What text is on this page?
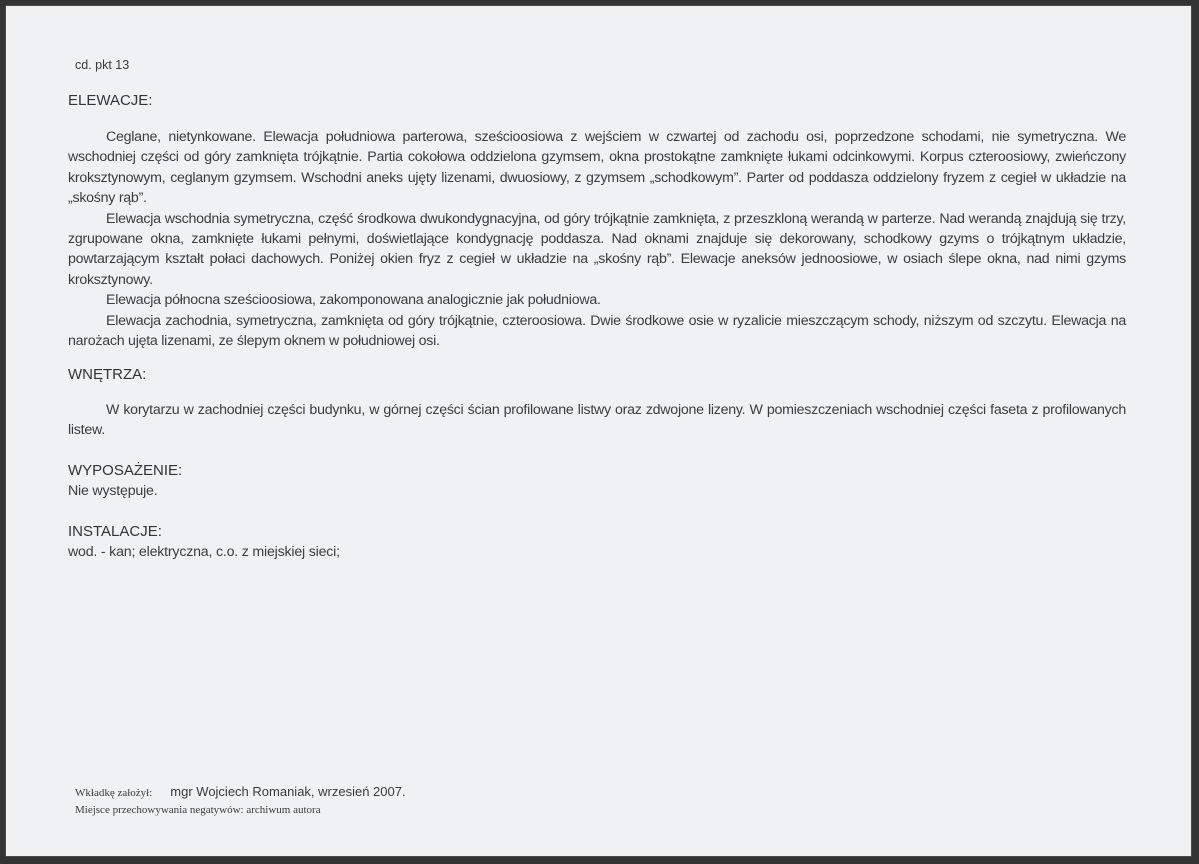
cd. pkt 13
ELEWACJE:
Ceglane, nietynkowane. Elewacja południowa parterowa, sześcioosiowa z wejściem w czwartej od zachodu osi, poprzedzone schodami, nie symetryczna. We wschodniej części od góry zamknięta trójkątnie. Partia cokołowa oddzielona gzymsem, okna prostokątne zamknięte łukami odcinkowymi. Korpus czteroosiowy, zwieńczony kroksztynowym, ceglanym gzymsem. Wschodni aneks ujęty lizenami, dwuosiowy, z gzymsem „schodkowym”. Parter od poddasza oddzielony fryzem z cegieł w układzie na „skośny rąb”.
Elewacja wschodnia symetryczna, część środkowa dwukondygnacyjna, od góry trójkątnie zamknięta, z przeszkloną werandą w parterze. Nad werandą znajdują się trzy, zgrupowane okna, zamknięte łukami pełnymi, doświetlające kondygnację poddasza. Nad oknami znajduje się dekorowany, schodkowy gzyms o trójkątnym układzie, powtarzającym kształt połaci dachowych. Poniżej okien fryz z cegieł w układzie na „skośny rąb”. Elewacje aneksów jednoosiowe, w osiach ślepe okna, nad nimi gzyms kroksztynowy.
Elewacja północna sześcioosiowa, zakomponowana analogicznie jak południowa.
Elewacja zachodnia, symetryczna, zamknięta od góry trójkątnie, czteroosiowa. Dwie środkowe osie w ryzalicie mieszczącym schody, niższym od szczytu. Elewacja na narożach ujęta lizenami, ze ślepym oknem w południowej osi.
WNĘTRZA:
W korytarzu w zachodniej części budynku, w górnej części ścian profilowane listwy oraz zdwojone lizeny. W pomieszczeniach wschodniej części faseta z profilowanych listew.
WYPOSAŻENIE:

Nie występuje.

INSTALACJE:

wod. - kan; elektryczna, c.o. z miejskiej sieci;

Wkładkę założył: mgr Wojciech Romaniak, wrzesień 2007.
Miejsce przechowywania negatywów: archiwum autora
